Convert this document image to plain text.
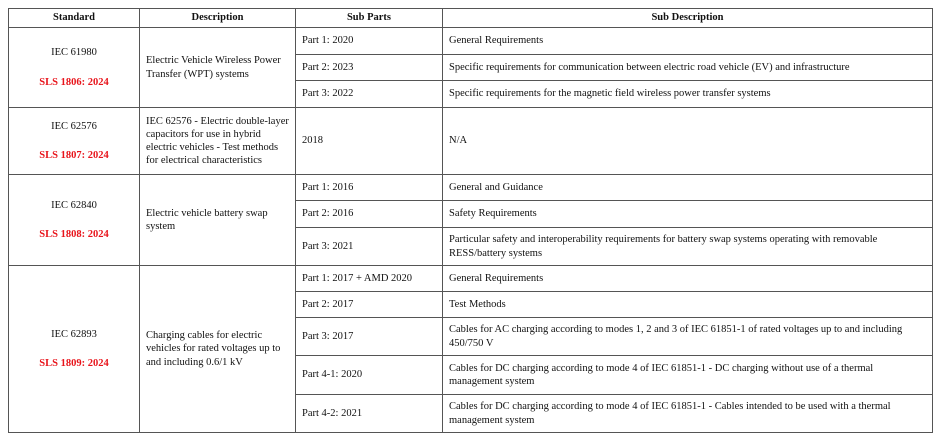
Standard	Description	Sub Parts	Sub Description

IEC 61980
SLS 1806: 2024	Electric Vehicle Wireless Power Transfer (WPT) systems	Part 1: 2020	General Requirements
		Part 2: 2023	Specific requirements for communication between electric road vehicle (EV) and infrastructure
		Part 3: 2022	Specific requirements for the magnetic field wireless power transfer systems

IEC 62576
SLS 1807: 2024	IEC 62576 - Electric double-layer capacitors for use in hybrid electric vehicles - Test methods for electrical characteristics	2018	N/A

IEC 62840
SLS 1808: 2024	Electric vehicle battery swap system	Part 1: 2016	General and Guidance
		Part 2: 2016	Safety Requirements
		Part 3: 2021	Particular safety and interoperability requirements for battery swap systems operating with removable RESS/battery systems

IEC 62893
SLS 1809: 2024	Charging cables for electric vehicles for rated voltages up to and including 0.6/1 kV	Part 1: 2017 + AMD 2020	General Requirements
		Part 2: 2017	Test Methods
		Part 3: 2017	Cables for AC charging according to modes 1, 2 and 3 of IEC 61851-1 of rated voltages up to and including 450/750 V
		Part 4-1: 2020	Cables for DC charging according to mode 4 of IEC 61851-1 - DC charging without use of a thermal management system
		Part 4-2: 2021	Cables for DC charging according to mode 4 of IEC 61851-1 - Cables intended to be used with a thermal management system
